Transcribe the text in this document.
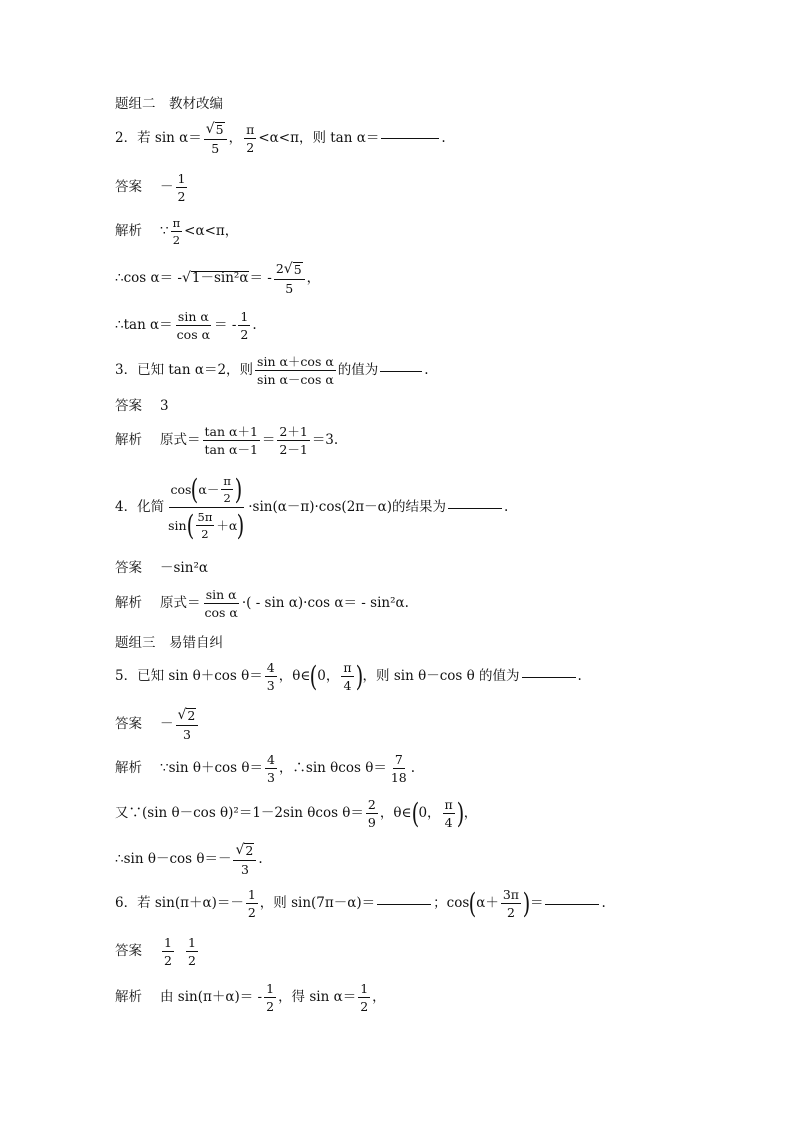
题组二　教材改编
2．若
sin α＝
√ 5
5
，
π
2
<α<π，则 tan α＝	.
答案 －
1
2
解析 ∵ π
2
<α<π，
∴cos α＝ - √ 1－sin²α ＝ -
2 √ 5
5
，
∴tan α＝
sin α
cos α
＝ -
1
2
.
3．已知 tan α＝2，则
sin α＋cos α
sin α－cos α
的值为	.
答案 3
解析 原式＝
tan α＋1
tan α－1
＝
2＋1
2－1
＝3.
4．化简
cos ( α－
π
2 )
sin ( 5π
2
＋α )
·sin(α－π)·cos(2π－α)的结果为	.
答案 －sin²α
解析 原式＝
sin α
cos α
·( - sin α)·cos α＝ - sin²α.
题组三　易错自纠
5．已知 sin θ＋cos θ＝
4
3
，θ∈ ( 0，
π
4 ) ，则 sin θ－cos θ 的值为	.
答案 －
√ 2
3
解析 ∵sin θ＋cos θ＝
4
3
，∴sin θcos θ＝
7
18
.
又∵(sin θ－cos θ)²＝1－2sin θcos θ＝
2
9
，θ∈ ( 0，
π
4 ) ，
∴sin θ－cos θ＝－
√ 2
3
.
6．若 sin(π＋α)＝－
1
2
，则 sin(7π－α)＝	；cos ( α＋
3π
2 ) ＝	.
答案
1
2
1
2
解析 由 sin(π＋α)＝ -
1
2
，得 sin α＝
1
2
，
